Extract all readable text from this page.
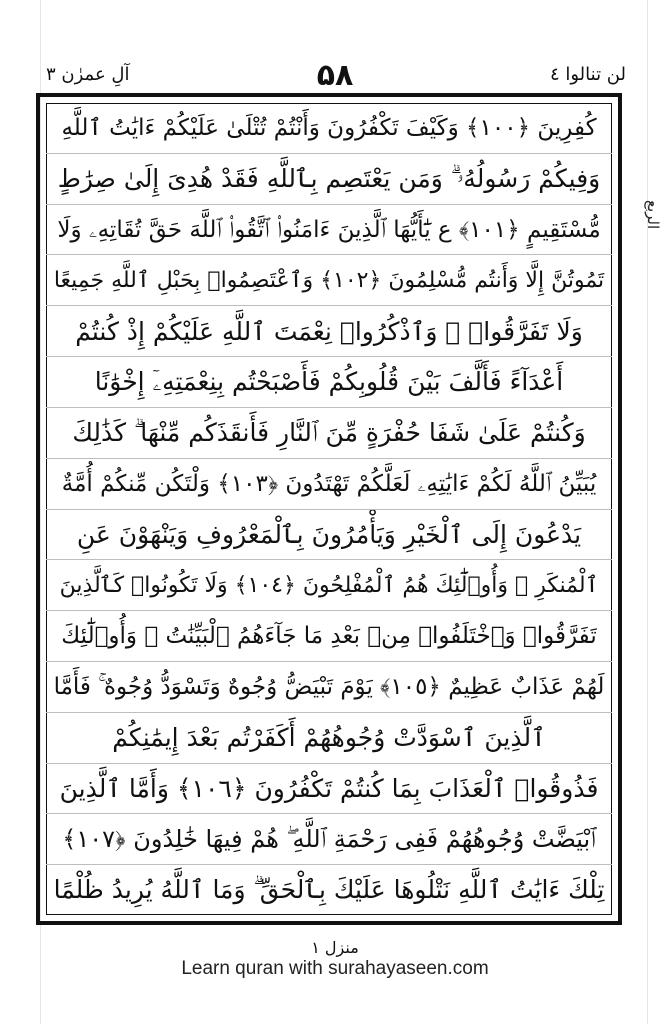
آلِ عمرٰن ٣	۵۸	لن تنالوا ٤
الربع
كُفِرِينَ ﴿١٠٠﴾ وَكَيْفَ تَكْفُرُونَ وَأَنْتُمْ تُتْلَىٰ عَلَيْكُمْ ءَايَٰتُ ٱللَّهِ
وَفِيكُمْ رَسُولُهُۥ ۗ وَمَن يَعْتَصِم بِٱللَّهِ فَقَدْ هُدِىَ إِلَىٰ صِرَٰطٍ
مُّسْتَقِيمٍ ﴿١٠١﴾ ع يَٰٓأَيُّهَا ٱلَّذِينَ ءَامَنُوا۟ ٱتَّقُوا۟ ٱللَّهَ حَقَّ تُقَاتِهِۦ وَلَا
تَمُوتُنَّ إِلَّا وَأَنتُم مُّسْلِمُونَ ﴿١٠٢﴾ وَٱعْتَصِمُوا۟ بِحَبْلِ ٱللَّهِ جَمِيعًا
وَلَا تَفَرَّقُوا۟ ۚ وَٱذْكُرُوا۟ نِعْمَتَ ٱللَّهِ عَلَيْكُمْ إِذْ كُنتُمْ
أَعْدَآءً فَأَلَّفَ بَيْنَ قُلُوبِكُمْ فَأَصْبَحْتُم بِنِعْمَتِهِۦٓ إِخْوَٰنًا
وَكُنتُمْ عَلَىٰ شَفَا حُفْرَةٍ مِّنَ ٱلنَّارِ فَأَنقَذَكُم مِّنْهَا ۗ كَذَٰلِكَ
يُبَيِّنُ ٱللَّهُ لَكُمْ ءَايَٰتِهِۦ لَعَلَّكُمْ تَهْتَدُونَ ﴿١٠٣﴾ وَلْتَكُن مِّنكُمْ أُمَّةٌ
يَدْعُونَ إِلَى ٱلْخَيْرِ وَيَأْمُرُونَ بِٱلْمَعْرُوفِ وَيَنْهَوْنَ عَنِ
ٱلْمُنكَرِ ۚ وَأُو۟لَٰٓئِكَ هُمُ ٱلْمُفْلِحُونَ ﴿١٠٤﴾ وَلَا تَكُونُوا۟ كَٱلَّذِينَ
تَفَرَّقُوا۟ وَٱخْتَلَفُوا۟ مِنۢ بَعْدِ مَا جَآءَهُمُ ٱلْبَيِّنَٰتُ ۚ وَأُو۟لَٰٓئِكَ
لَهُمْ عَذَابٌ عَظِيمٌ ﴿١٠٥﴾ يَوْمَ تَبْيَضُّ وُجُوهٌ وَتَسْوَدُّ وُجُوهٌ ۚ فَأَمَّا
ٱلَّذِينَ ٱسْوَدَّتْ وُجُوهُهُمْ أَكَفَرْتُم بَعْدَ إِيمَٰنِكُمْ
فَذُوقُوا۟ ٱلْعَذَابَ بِمَا كُنتُمْ تَكْفُرُونَ ﴿١٠٦﴾ وَأَمَّا ٱلَّذِينَ
ٱبْيَضَّتْ وُجُوهُهُمْ فَفِى رَحْمَةِ ٱللَّهِ ۖ هُمْ فِيهَا خَٰلِدُونَ ﴿١٠٧﴾
تِلْكَ ءَايَٰتُ ٱللَّهِ نَتْلُوهَا عَلَيْكَ بِٱلْحَقِّ ۗ وَمَا ٱللَّهُ يُرِيدُ ظُلْمًا
منزل ١
Learn quran with surahayaseen.com
